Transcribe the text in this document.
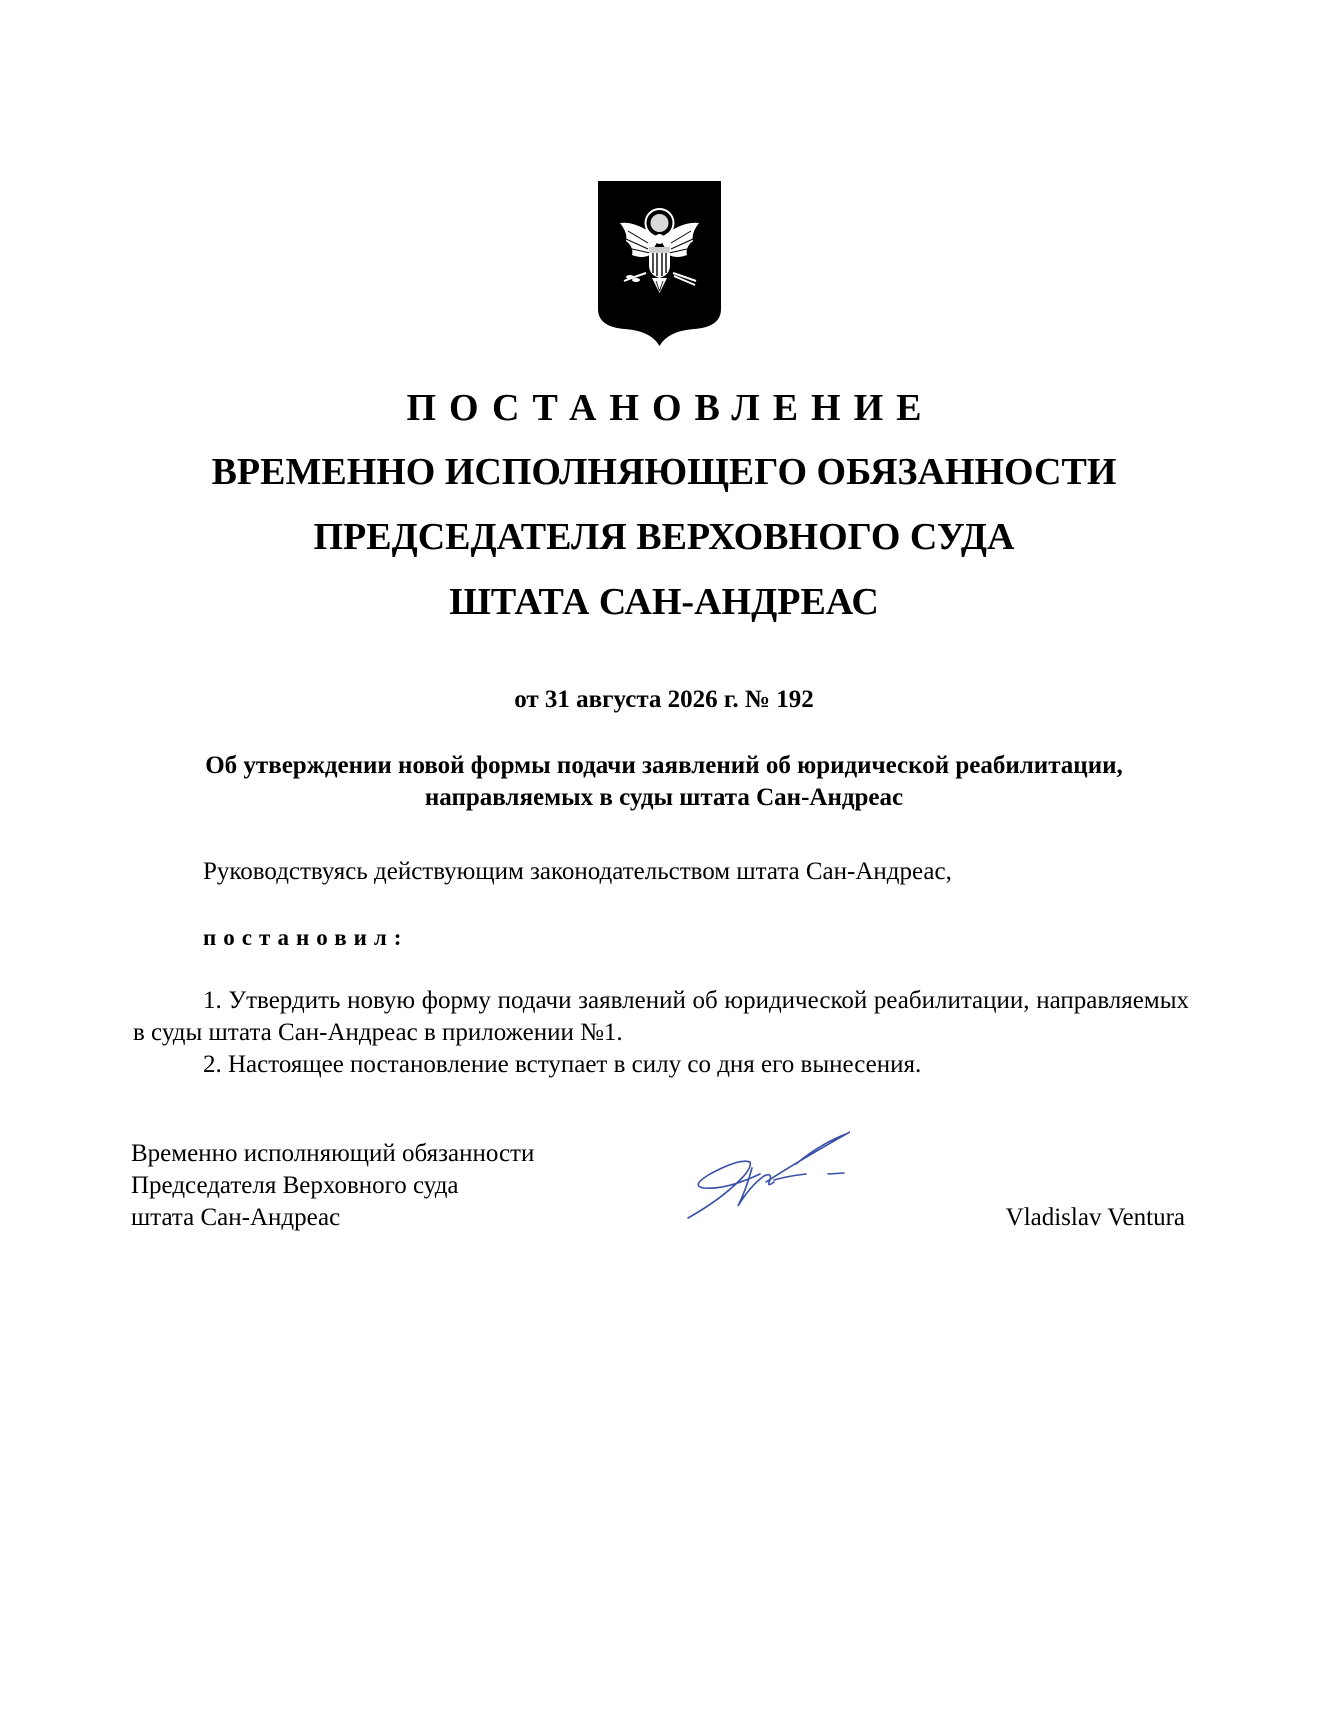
ПОСТАНОВЛЕНИЕ
ВРЕМЕННО ИСПОЛНЯЮЩЕГО ОБЯЗАННОСТИ
ПРЕДСЕДАТЕЛЯ ВЕРХОВНОГО СУДА
ШТАТА САН-АНДРЕАС
от 31 августа 2026 г. № 192
Об утверждении новой формы подачи заявлений об юридической реабилитации,
направляемых в суды штата Сан-Андреас
Руководствуясь действующим законодательством штата Сан-Андреас,
постановил:

1. Утвердить новую форму подачи заявлений об юридической реабилитации, направляемых в суды штата Сан-Андреас в приложении №1.

2. Настоящее постановление вступает в силу со дня его вынесения.

Временно исполняющий обязанности
Председателя Верховного суда
штата Сан-Андреас	Vladislav Ventura
